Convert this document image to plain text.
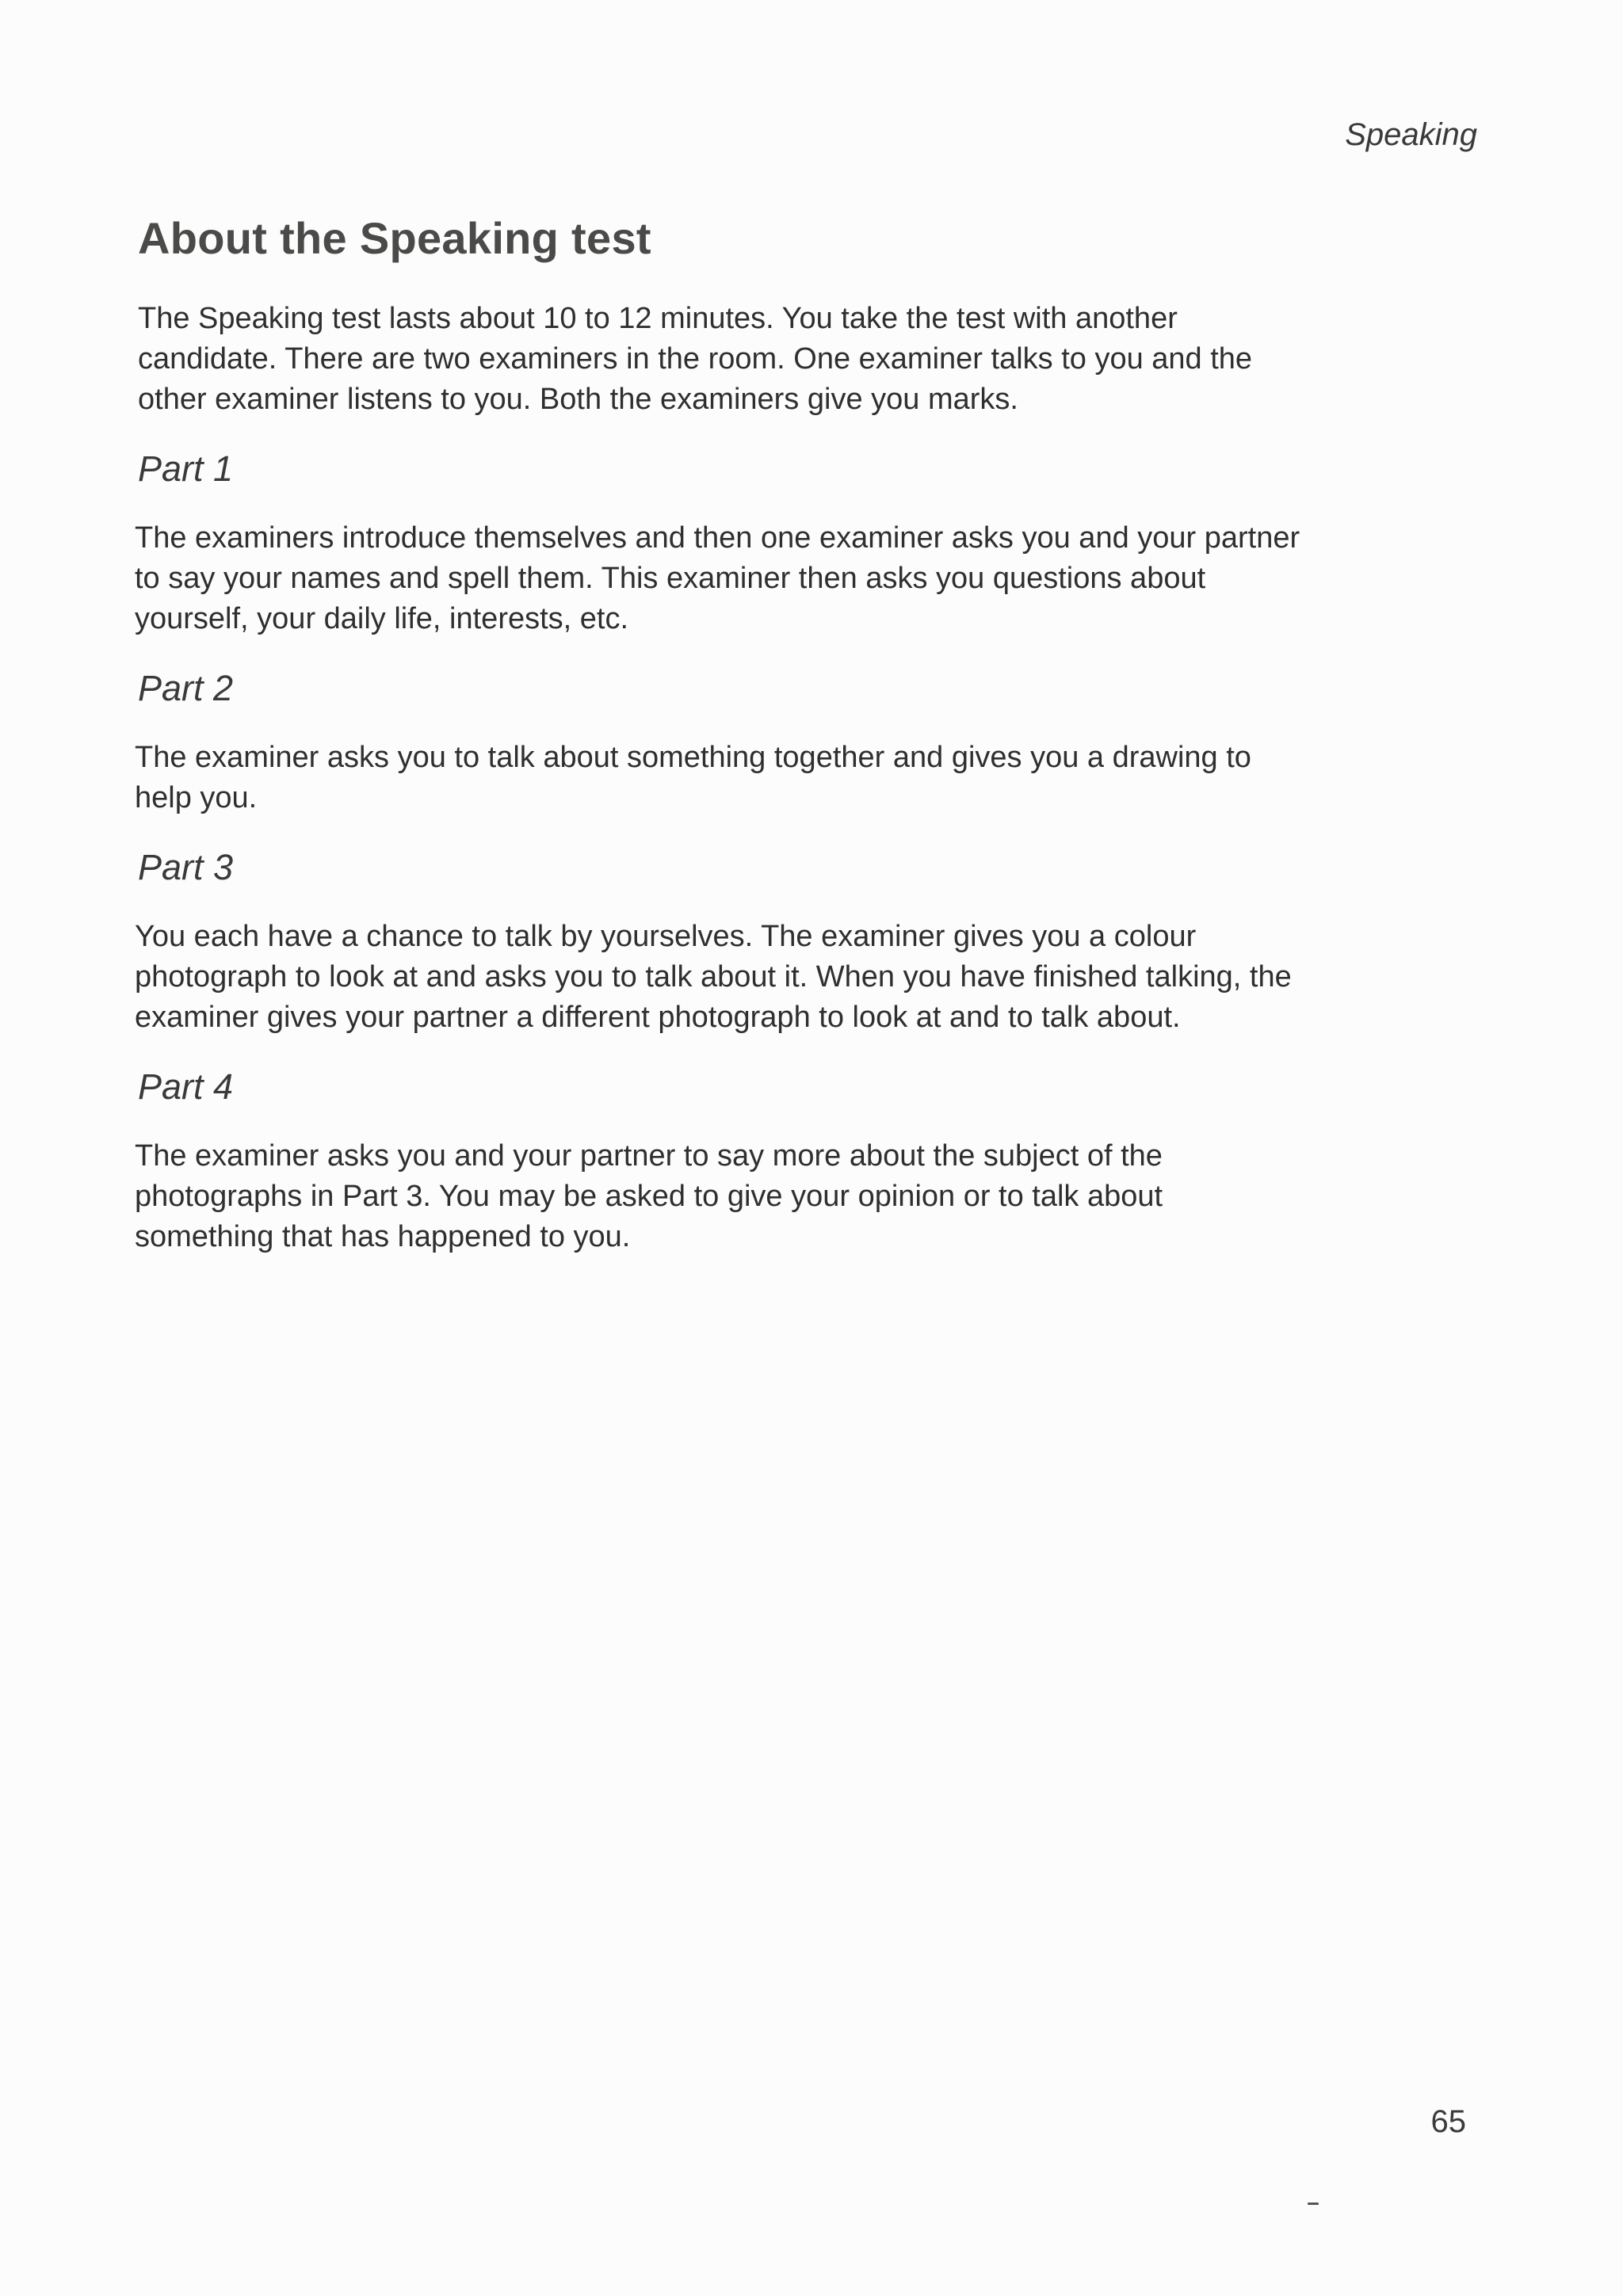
Speaking
About the Speaking test

The Speaking test lasts about 10 to 12 minutes. You take the test with another candidate. There are two examiners in the room. One examiner talks to you and the other examiner listens to you. Both the examiners give you marks.

Part 1

The examiners introduce themselves and then one examiner asks you and your partner to say your names and spell them. This examiner then asks you questions about yourself, your daily life, interests, etc.

Part 2

The examiner asks you to talk about something together and gives you a drawing to help you.

Part 3

You each have a chance to talk by yourselves. The examiner gives you a colour photograph to look at and asks you to talk about it. When you have finished talking, the examiner gives your partner a different photograph to look at and to talk about.

Part 4

The examiner asks you and your partner to say more about the subject of the photographs in Part 3. You may be asked to give your opinion or to talk about something that has happened to you.

65
